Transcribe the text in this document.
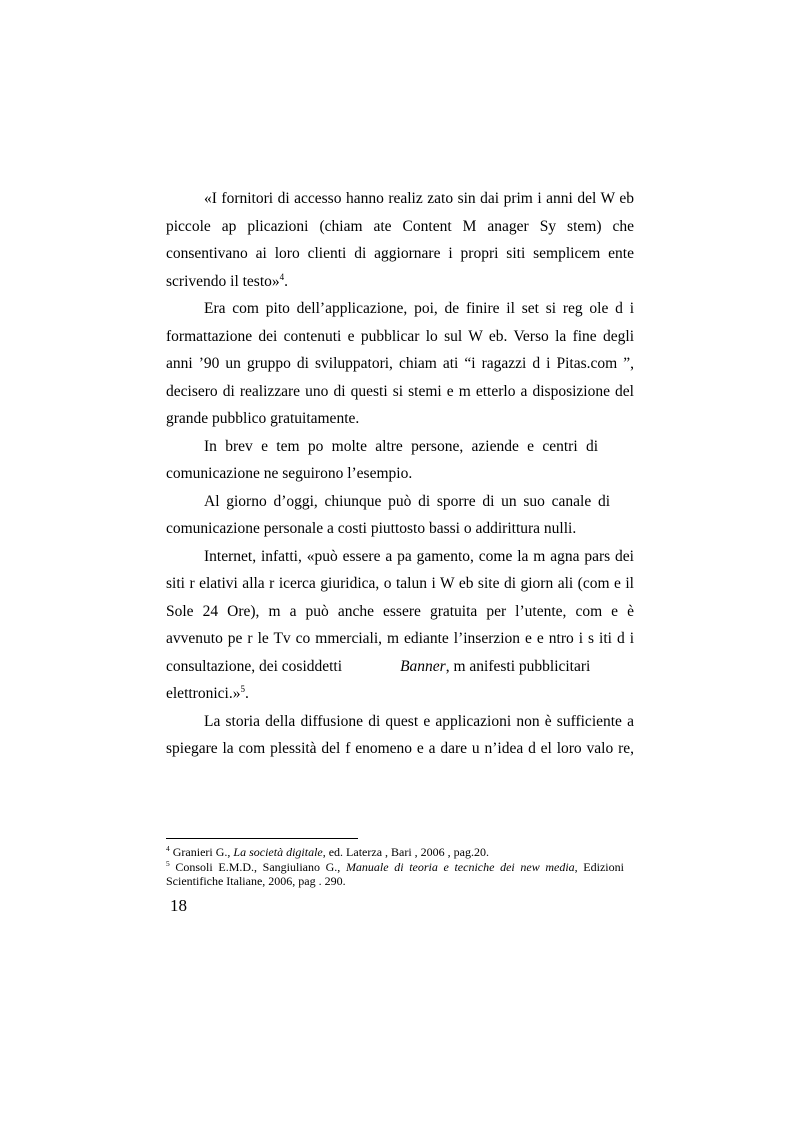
«I fornitori di accesso hanno realiz zato sin dai prim i anni del W eb
piccole ap plicazioni (chiam ate Content M anager Sy stem) che
consentivano ai loro clienti di aggiornare i propri siti semplicem ente
scrivendo il testo»$^4$.
Era com pito dell’applicazione, poi, de finire il set si reg ole d i
formattazione dei contenuti e pubblicar lo sul W eb. Verso la fine degli
anni ’90 un gruppo di sviluppatori, chiam ati “i ragazzi d i Pitas.com ”,
decisero di realizzare uno di questi si stemi e m etterlo a disposizione del
grande pubblico gratuitamente.
In brev e tem po molte altre persone, aziende e centri di
comunicazione ne seguirono l’esempio.
Al giorno d’oggi, chiunque può di sporre di un suo canale di
comunicazione personale a costi piuttosto bassi o addirittura nulli.
Internet, infatti, «può essere a pa gamento, come la m agna pars dei
siti r elativi alla r icerca giuridica, o talun i W eb site di giorn ali (com e il
Sole 24 Ore), m a può anche essere gratuita per l’utente, com e è
avvenuto pe r le Tv co mmerciali, m ediante l’inserzion e e ntro i s iti d i
consultazione, dei cosiddetti	Banner, m anifesti pubblicitari
elettronici.»$^5$.
La storia della diffusione di quest e applicazioni non è sufficiente a
spiegare la com plessità del f enomeno e a dare u n’idea d el loro valo re,
$^4$ Granieri G., La società digitale, ed. Laterza , Bari , 2006 , pag.20.
$^5$ Consoli E.M.D., Sangiuliano G., Manuale di teoria e tecniche dei new media, Edizioni
Scientifiche Italiane, 2006, pag . 290.
18
